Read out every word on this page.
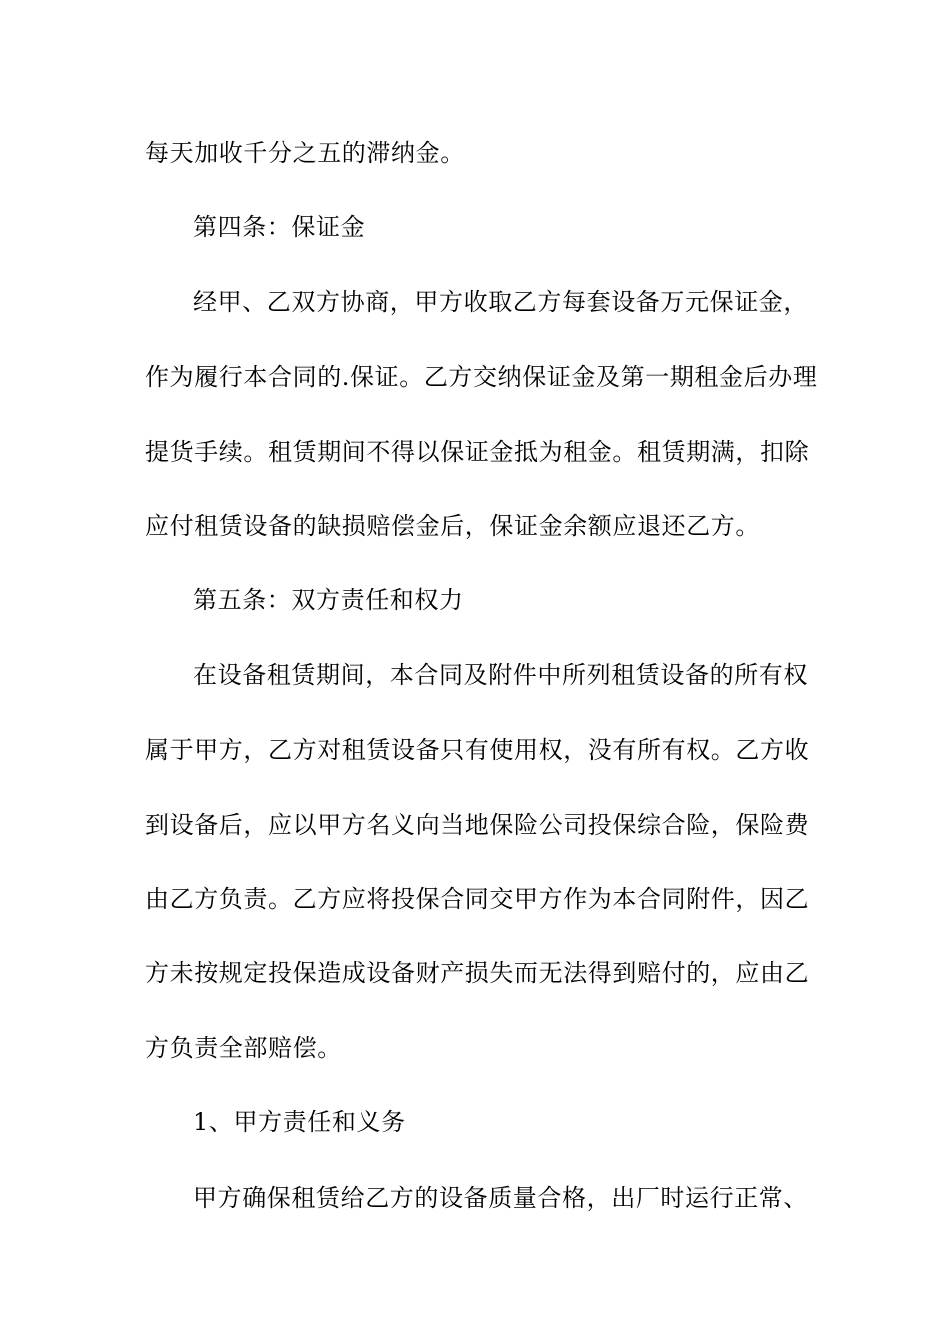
每天加收千分之五的滞纳金。
第四条：保证金
经甲、乙双方协商，甲方收取乙方每套设备万元保证金，
作为履行本合同的.保证。乙方交纳保证金及第一期租金后办理
提货手续。租赁期间不得以保证金抵为租金。租赁期满，扣除
应付租赁设备的缺损赔偿金后，保证金余额应退还乙方。
第五条：双方责任和权力
在设备租赁期间，本合同及附件中所列租赁设备的所有权
属于甲方，乙方对租赁设备只有使用权，没有所有权。乙方收
到设备后，应以甲方名义向当地保险公司投保综合险，保险费
由乙方负责。乙方应将投保合同交甲方作为本合同附件，因乙
方未按规定投保造成设备财产损失而无法得到赔付的，应由乙
方负责全部赔偿。
1、甲方责任和义务
甲方确保租赁给乙方的设备质量合格，出厂时运行正常、
